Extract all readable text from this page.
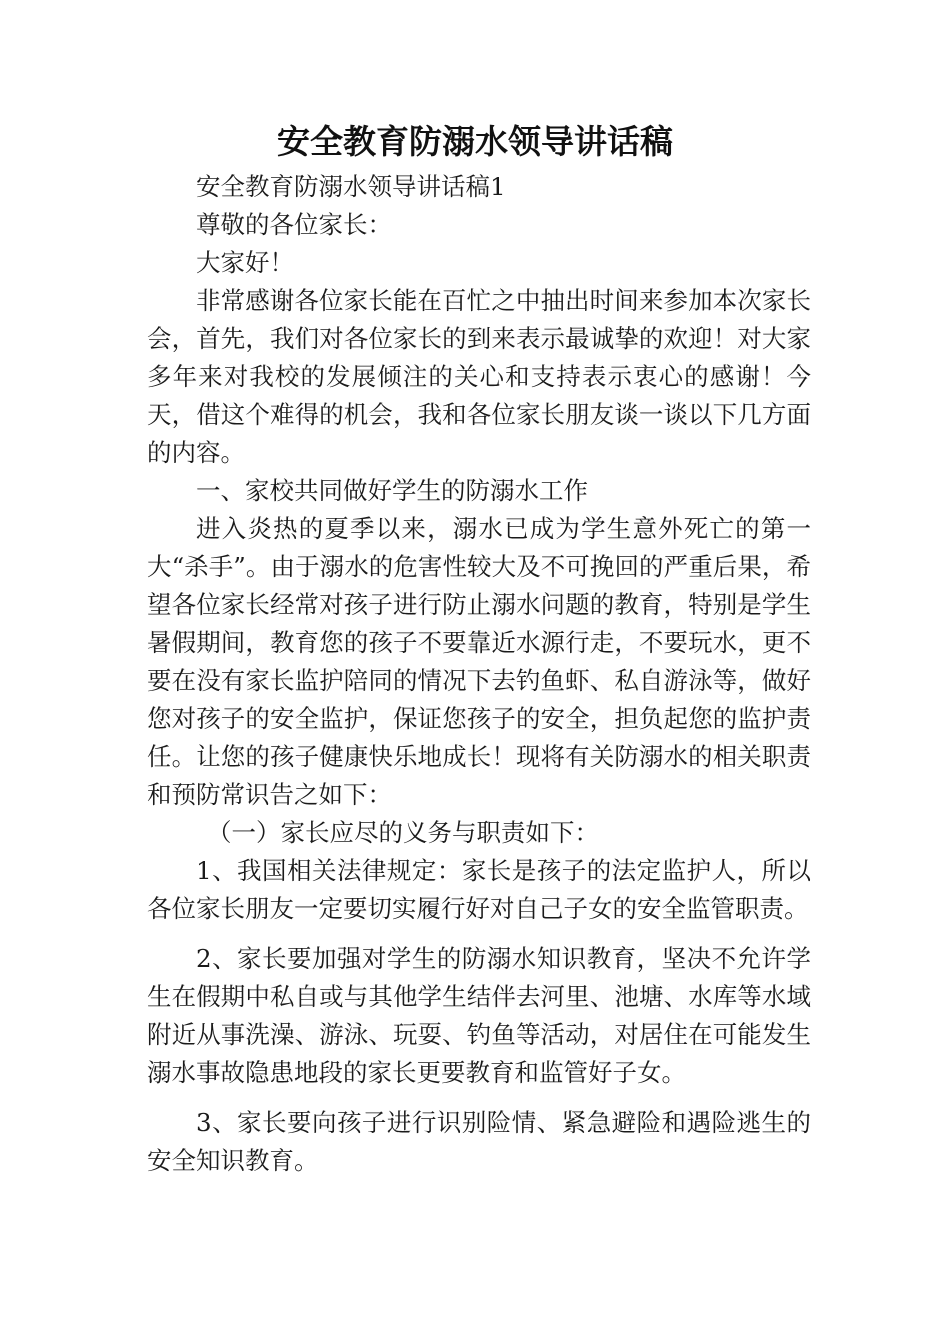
安全教育防溺水领导讲话稿

安全教育防溺水领导讲话稿1

尊敬的各位家长：

大家好！

非常感谢各位家长能在百忙之中抽出时间来参加本次家长会，首先，我们对各位家长的到来表示最诚挚的欢迎！对大家多年来对我校的发展倾注的关心和支持表示衷心的感谢！今天，借这个难得的机会，我和各位家长朋友谈一谈以下几方面的内容。

一、家校共同做好学生的防溺水工作

进入炎热的夏季以来，溺水已成为学生意外死亡的第一大“杀手”。由于溺水的危害性较大及不可挽回的严重后果，希望各位家长经常对孩子进行防止溺水问题的教育，特别是学生暑假期间，教育您的孩子不要靠近水源行走，不要玩水，更不要在没有家长监护陪同的情况下去钓鱼虾、私自游泳等，做好您对孩子的安全监护，保证您孩子的安全，担负起您的监护责任。让您的孩子健康快乐地成长！现将有关防溺水的相关职责和预防常识告之如下：

（一）家长应尽的义务与职责如下：

1、我国相关法律规定：家长是孩子的法定监护人，所以各位家长朋友一定要切实履行好对自己子女的安全监管职责。

2、家长要加强对学生的防溺水知识教育，坚决不允许学生在假期中私自或与其他学生结伴去河里、池塘、水库等水域附近从事洗澡、游泳、玩耍、钓鱼等活动，对居住在可能发生溺水事故隐患地段的家长更要教育和监管好子女。

3、家长要向孩子进行识别险情、紧急避险和遇险逃生的安全知识教育。
